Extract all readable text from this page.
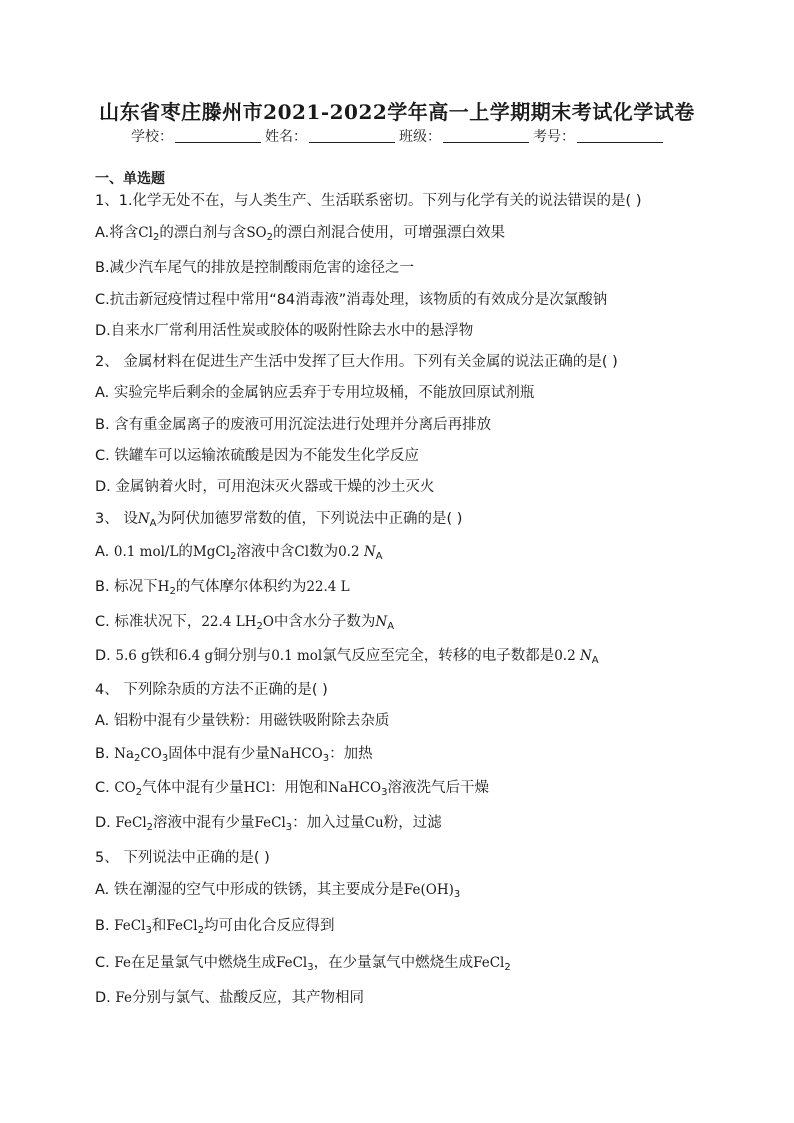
山东省枣庄滕州市2021-2022学年高一上学期期末考试化学试卷
学校：	姓名：	班级：	考号：
一、单选题
1、1.化学无处不在，与人类生产、生活联系密切。下列与化学有关的说法错误的是( )
A.将含$Cl_2$的漂白剂与含$SO_2$的漂白剂混合使用，可增强漂白效果
B.减少汽车尾气的排放是控制酸雨危害的途径之一
C.抗击新冠疫情过程中常用“84消毒液”消毒处理，该物质的有效成分是次氯酸钠
D.自来水厂常利用活性炭或胶体的吸附性除去水中的悬浮物
2、 金属材料在促进生产生活中发挥了巨大作用。下列有关金属的说法正确的是( )
A. 实验完毕后剩余的金属钠应丢弃于专用垃圾桶，不能放回原试剂瓶
B. 含有重金属离子的废液可用沉淀法进行处理并分离后再排放
C. 铁罐车可以运输浓硫酸是因为不能发生化学反应
D. 金属钠着火时，可用泡沫灭火器或干燥的沙土灭火
3、 设$N_A$为阿伏加德罗常数的值，下列说法中正确的是( )
A. 0.1 mol/L的MgCl$_2$溶液中含Cl数为0.2 $N_A$
B. 标况下$H_2$的气体摩尔体积约为22.4 L
C. 标准状况下，22.4 $LH_2O$中含水分子数为$N_A$
D. 5.6 g铁和6.4 g铜分别与0.1 mol氯气反应至完全，转移的电子数都是0.2 $N_A$
4、 下列除杂质的方法不正确的是( )
A. 铝粉中混有少量铁粉：用磁铁吸附除去杂质
B. $Na_2CO_3$固体中混有少量NaHCO$_3$：加热
C. $CO_2$气体中混有少量HCl：用饱和NaHCO$_3$溶液洗气后干燥
D. FeCl$_2$溶液中混有少量FeCl$_3$：加入过量Cu粉，过滤
5、 下列说法中正确的是( )
A. 铁在潮湿的空气中形成的铁锈，其主要成分是$Fe(OH)_3$
B. FeCl$_3$和FeCl$_2$均可由化合反应得到
C. Fe在足量氯气中燃烧生成FeCl$_3$，在少量氯气中燃烧生成FeCl$_2$
D. Fe分别与氯气、盐酸反应，其产物相同
